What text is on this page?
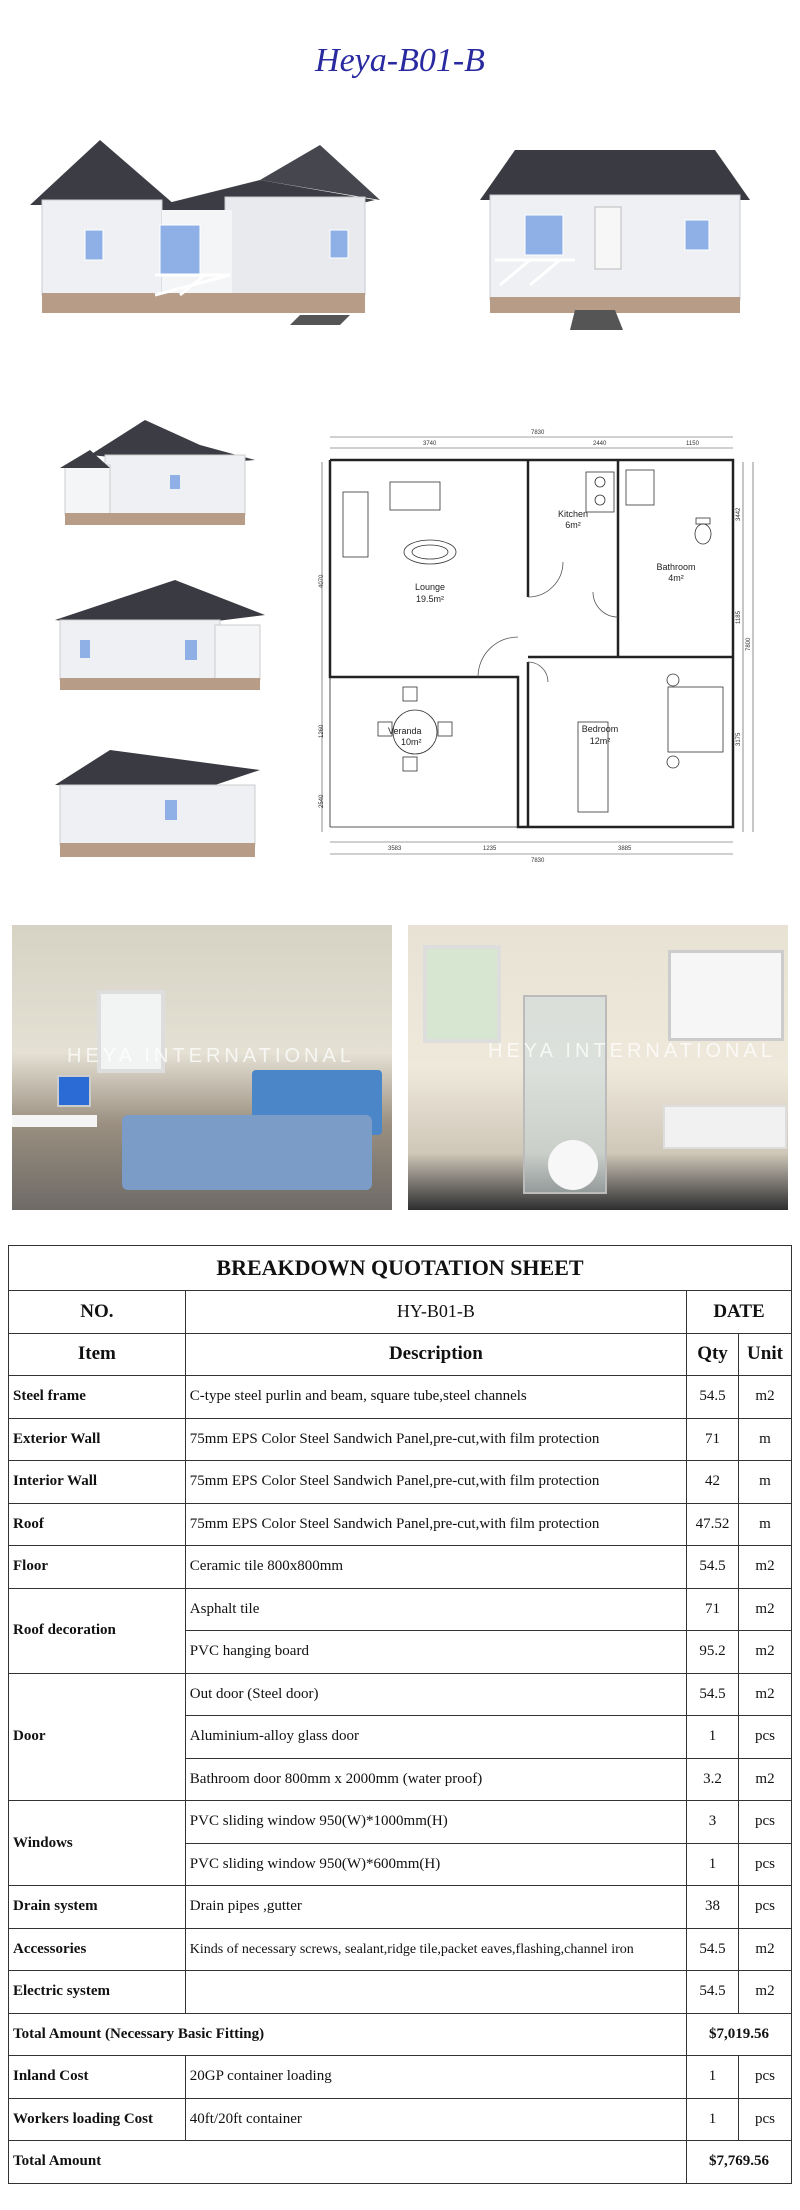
Heya-B01-B
7830
3740	2440	1150
3583	1235	3885
7830
4070
1260
2540
3442
1185
3175
7800
Lounge
19.5m²
Kitchen
6m²
Bathroom
4m²
Bedroom
12m²
Veranda
10m²
HEYA INTERNATIONAL	HEYA INTERNATIONAL
BREAKDOWN QUOTATION SHEET			
NO.	HY-B01-B	DATE	
Item	Description	Qty	Unit
Steel frame	C-type steel purlin and beam, square tube,steel channels	54.5	m2
Exterior Wall	75mm EPS Color Steel Sandwich Panel,pre-cut,with film protection	71	m
Interior Wall	75mm EPS Color Steel Sandwich Panel,pre-cut,with film protection	42	m
Roof	75mm EPS Color Steel Sandwich Panel,pre-cut,with film protection	47.52	m
Floor	Ceramic tile 800x800mm	54.5	m2
Roof decoration	Asphalt tile	71	m2
	PVC hanging board	95.2	m2
Door	Out door (Steel door)	54.5	m2
	Aluminium-alloy glass door	1	pcs
	Bathroom door 800mm x 2000mm (water proof)	3.2	m2
Windows	PVC sliding window 950(W)*1000mm(H)	3	pcs
	PVC sliding window 950(W)*600mm(H)	1	pcs
Drain system	Drain pipes ,gutter	38	pcs
Accessories	Kinds of necessary screws, sealant,ridge tile,packet eaves,flashing,channel iron	54.5	m2
Electric system		54.5	m2
Total Amount (Necessary Basic Fitting)		$7,019.56	
Inland Cost	20GP container loading	1	pcs
Workers loading Cost	40ft/20ft container	1	pcs
Total Amount		$7,769.56	
